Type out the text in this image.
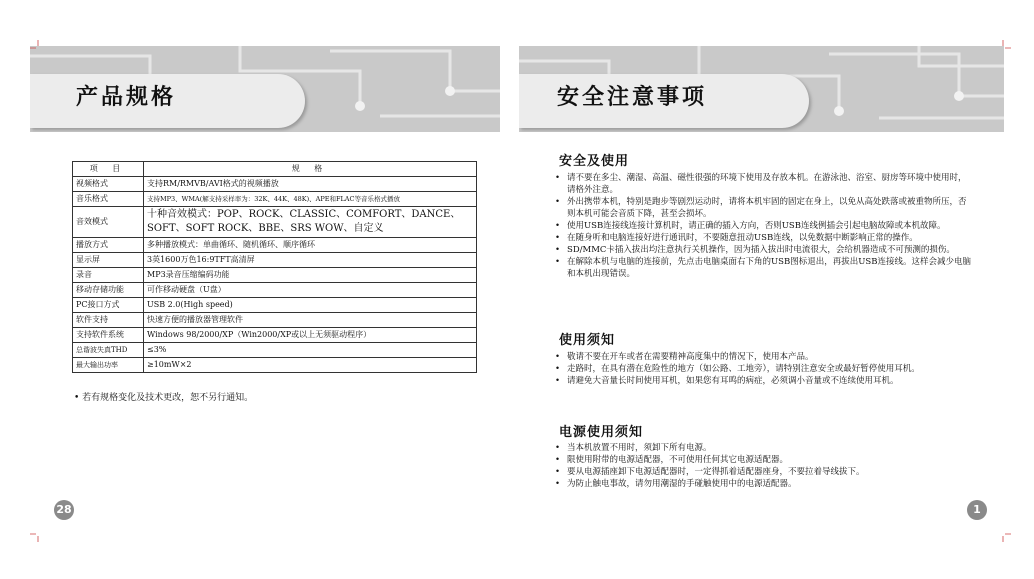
产品规格
项 目	规 格
视频格式	支持RM/RMVB/AVI格式的视频播放
音乐格式	支持MP3、WMA(解支持采样率为：32K、44K、48K)、APE和FLAC等音乐格式播放
音效模式	十种音效模式：POP、ROCK、CLASSIC、COMFORT、DANCE、
SOFT、SOFT ROCK、BBE、SRS WOW、自定义

播放方式	多种播放模式：单曲循环、随机循环、顺序循环
显示屏	3英1600万色16:9TFT高清屏
录音	MP3录音压缩编码功能
移动存储功能	可作移动硬盘（U盘）
PC接口方式	USB 2.0(High speed)
软件支持	快速方便的播放器管理软件
支持软件系统	Windows 98/2000/XP（Win2000/XP或以上无须驱动程序）
总谐波失真THD	≤3%
最大输出功率	≥10mW×2
• 若有规格变化及技术更改，恕不另行通知。
28
安全注意事项
安全及使用
• 请不要在多尘、潮湿、高温、磁性很强的环境下使用及存放本机。在游泳池、浴室、厨房等环境中使用时，请格外注意。
• 外出携带本机，特别是跑步等剧烈运动时，请将本机牢固的固定在身上，以免从高处跌落或被重物所压，否则本机可能会音质下降，甚至会损坏。
• 使用USB连接线连接计算机时，请正确的插入方向，否则USB连线例插会引起电脑故障或本机故障。
• 在随身听和电脑连接好进行通讯时，不要随意扭动USB连线，以免数据中断影响正常的操作。
• SD/MMC卡插入拔出均注意执行关机操作，因为插入拔出时电流很大，会给机器造成不可预测的损伤。
• 在解除本机与电脑的连接前，先点击电脑桌面右下角的USB图标退出，再拔出USB连接线。这样会减少电脑和本机出现错误。
使用须知
• 敬请不要在开车或者在需要精神高度集中的情况下，使用本产品。
• 走路时，在具有潜在危险性的地方（如公路、工地旁），请特别注意安全或最好暂停使用耳机。
• 请避免大音量长时间使用耳机，如果您有耳鸣的病症，必须调小音量或不连续使用耳机。
电源使用须知
• 当本机放置不用时，须卸下所有电源。
• 限使用附带的电源适配器，不可使用任何其它电源适配器。
• 要从电源插座卸下电源适配器时，一定得抓着适配器座身，不要拉着导线拔下。
• 为防止触电事故，请勿用潮湿的手碰触使用中的电源适配器。
1
